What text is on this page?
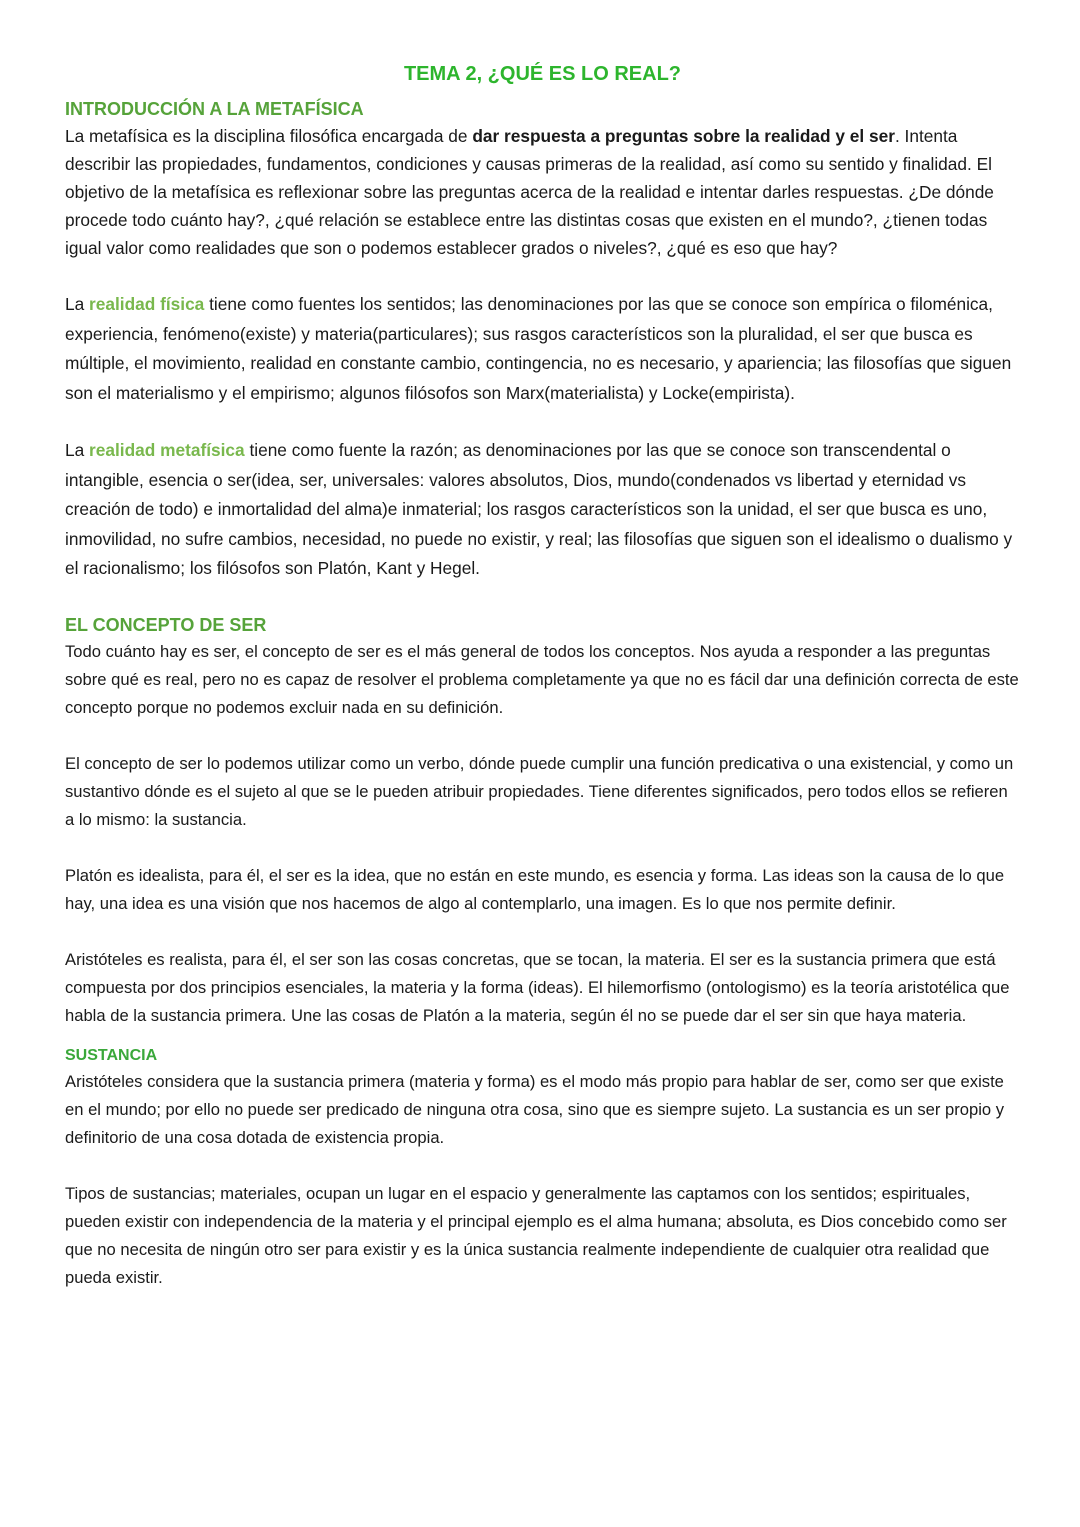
TEMA 2, ¿QUÉ ES LO REAL?
INTRODUCCIÓN A LA METAFÍSICA

La metafísica es la disciplina filosófica encargada de dar respuesta a preguntas sobre la realidad y el ser. Intenta describir las propiedades, fundamentos, condiciones y causas primeras de la realidad, así como su sentido y finalidad. El objetivo de la metafísica es reflexionar sobre las preguntas acerca de la realidad e intentar darles respuestas. ¿De dónde procede todo cuánto hay?, ¿qué relación se establece entre las distintas cosas que existen en el mundo?, ¿tienen todas igual valor como realidades que son o podemos establecer grados o niveles?, ¿qué es eso que hay?

La realidad física tiene como fuentes los sentidos; las denominaciones por las que se conoce son empírica o filoménica, experiencia, fenómeno(existe) y materia(particulares); sus rasgos característicos son la pluralidad, el ser que busca es múltiple, el movimiento, realidad en constante cambio, contingencia, no es necesario, y apariencia; las filosofías que siguen son el materialismo y el empirismo; algunos filósofos son Marx(materialista) y Locke(empirista).

La realidad metafísica tiene como fuente la razón; as denominaciones por las que se conoce son transcendental o intangible, esencia o ser(idea, ser, universales: valores absolutos, Dios, mundo(condenados vs libertad y eternidad vs creación de todo) e inmortalidad del alma)e inmaterial; los rasgos característicos son la unidad, el ser que busca es uno, inmovilidad, no sufre cambios, necesidad, no puede no existir, y real; las filosofías que siguen son el idealismo o dualismo y el racionalismo; los filósofos son Platón, Kant y Hegel.

EL CONCEPTO DE SER

Todo cuánto hay es ser, el concepto de ser es el más general de todos los conceptos. Nos ayuda a responder a las preguntas sobre qué es real, pero no es capaz de resolver el problema completamente ya que no es fácil dar una definición correcta de este concepto porque no podemos excluir nada en su definición.

El concepto de ser lo podemos utilizar como un verbo, dónde puede cumplir una función predicativa o una existencial, y como un sustantivo dónde es el sujeto al que se le pueden atribuir propiedades. Tiene diferentes significados, pero todos ellos se refieren a lo mismo: la sustancia.

Platón es idealista, para él, el ser es la idea, que no están en este mundo, es esencia y forma. Las ideas son la causa de lo que hay, una idea es una visión que nos hacemos de algo al contemplarlo, una imagen. Es lo que nos permite definir.

Aristóteles es realista, para él, el ser son las cosas concretas, que se tocan, la materia. El ser es la sustancia primera que está compuesta por dos principios esenciales, la materia y la forma (ideas). El hilemorfismo (ontologismo) es la teoría aristotélica que habla de la sustancia primera. Une las cosas de Platón a la materia, según él no se puede dar el ser sin que haya materia.

SUSTANCIA

Aristóteles considera que la sustancia primera (materia y forma) es el modo más propio para hablar de ser, como ser que existe en el mundo; por ello no puede ser predicado de ninguna otra cosa, sino que es siempre sujeto. La sustancia es un ser propio y definitorio de una cosa dotada de existencia propia.

Tipos de sustancias; materiales, ocupan un lugar en el espacio y generalmente las captamos con los sentidos; espirituales, pueden existir con independencia de la materia y el principal ejemplo es el alma humana; absoluta, es Dios concebido como ser que no necesita de ningún otro ser para existir y es la única sustancia realmente independiente de cualquier otra realidad que pueda existir.
